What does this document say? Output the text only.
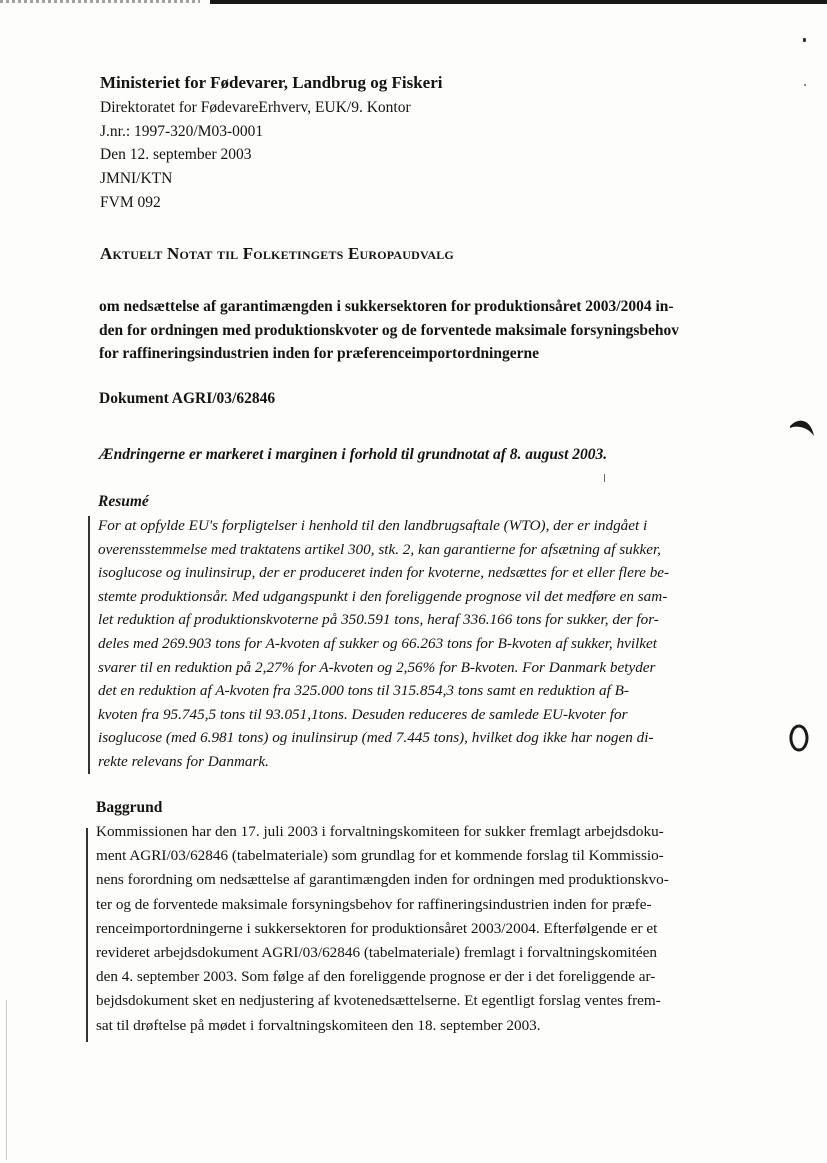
Ministeriet for Fødevarer, Landbrug og Fiskeri
Direktoratet for FødevareErhverv, EUK/9. Kontor
J.nr.: 1997-320/M03-0001
Den 12. september 2003
JMNI/KTN
FVM 092
Aktuelt Notat til Folketingets Europaudvalg
om nedsættelse af garantimængden i sukkersektoren for produktionsåret 2003/2004 in-
den for ordningen med produktionskvoter og de forventede maksimale forsyningsbehov
for raffineringsindustrien inden for præferenceimportordningerne
Dokument AGRI/03/62846
Ændringerne er markeret i marginen i forhold til grundnotat af 8. august 2003.
Resumé
For at opfylde EU's forpligtelser i henhold til den landbrugsaftale (WTO), der er indgået i
overensstemmelse med traktatens artikel 300, stk. 2, kan garantierne for afsætning af sukker,
isoglucose og inulinsirup, der er produceret inden for kvoterne, nedsættes for et eller flere be-
stemte produktionsår. Med udgangspunkt i den foreliggende prognose vil det medføre en sam-
let reduktion af produktionskvoterne på 350.591 tons, heraf 336.166 tons for sukker, der for-
deles med 269.903 tons for A-kvoten af sukker og 66.263 tons for B-kvoten af sukker, hvilket
svarer til en reduktion på 2,27% for A-kvoten og 2,56% for B-kvoten. For Danmark betyder
det en reduktion af A-kvoten fra 325.000 tons til 315.854,3 tons samt en reduktion af B-
kvoten fra 95.745,5 tons til 93.051,1tons. Desuden reduceres de samlede EU-kvoter for
isoglucose (med 6.981 tons) og inulinsirup (med 7.445 tons), hvilket dog ikke har nogen di-
rekte relevans for Danmark.
Baggrund
Kommissionen har den 17. juli 2003 i forvaltningskomiteen for sukker fremlagt arbejdsdoku-
ment AGRI/03/62846 (tabelmateriale) som grundlag for et kommende forslag til Kommissio-
nens forordning om nedsættelse af garantimængden inden for ordningen med produktionskvo-
ter og de forventede maksimale forsyningsbehov for raffineringsindustrien inden for præfe-
renceimportordningerne i sukkersektoren for produktionsåret 2003/2004. Efterfølgende er et
revideret arbejdsdokument AGRI/03/62846 (tabelmateriale) fremlagt i forvaltningskomitéen
den 4. september 2003. Som følge af den foreliggende prognose er der i det foreliggende ar-
bejdsdokument sket en nedjustering af kvotenedsættelserne. Et egentligt forslag ventes frem-
sat til drøftelse på mødet i forvaltningskomiteen den 18. september 2003.
